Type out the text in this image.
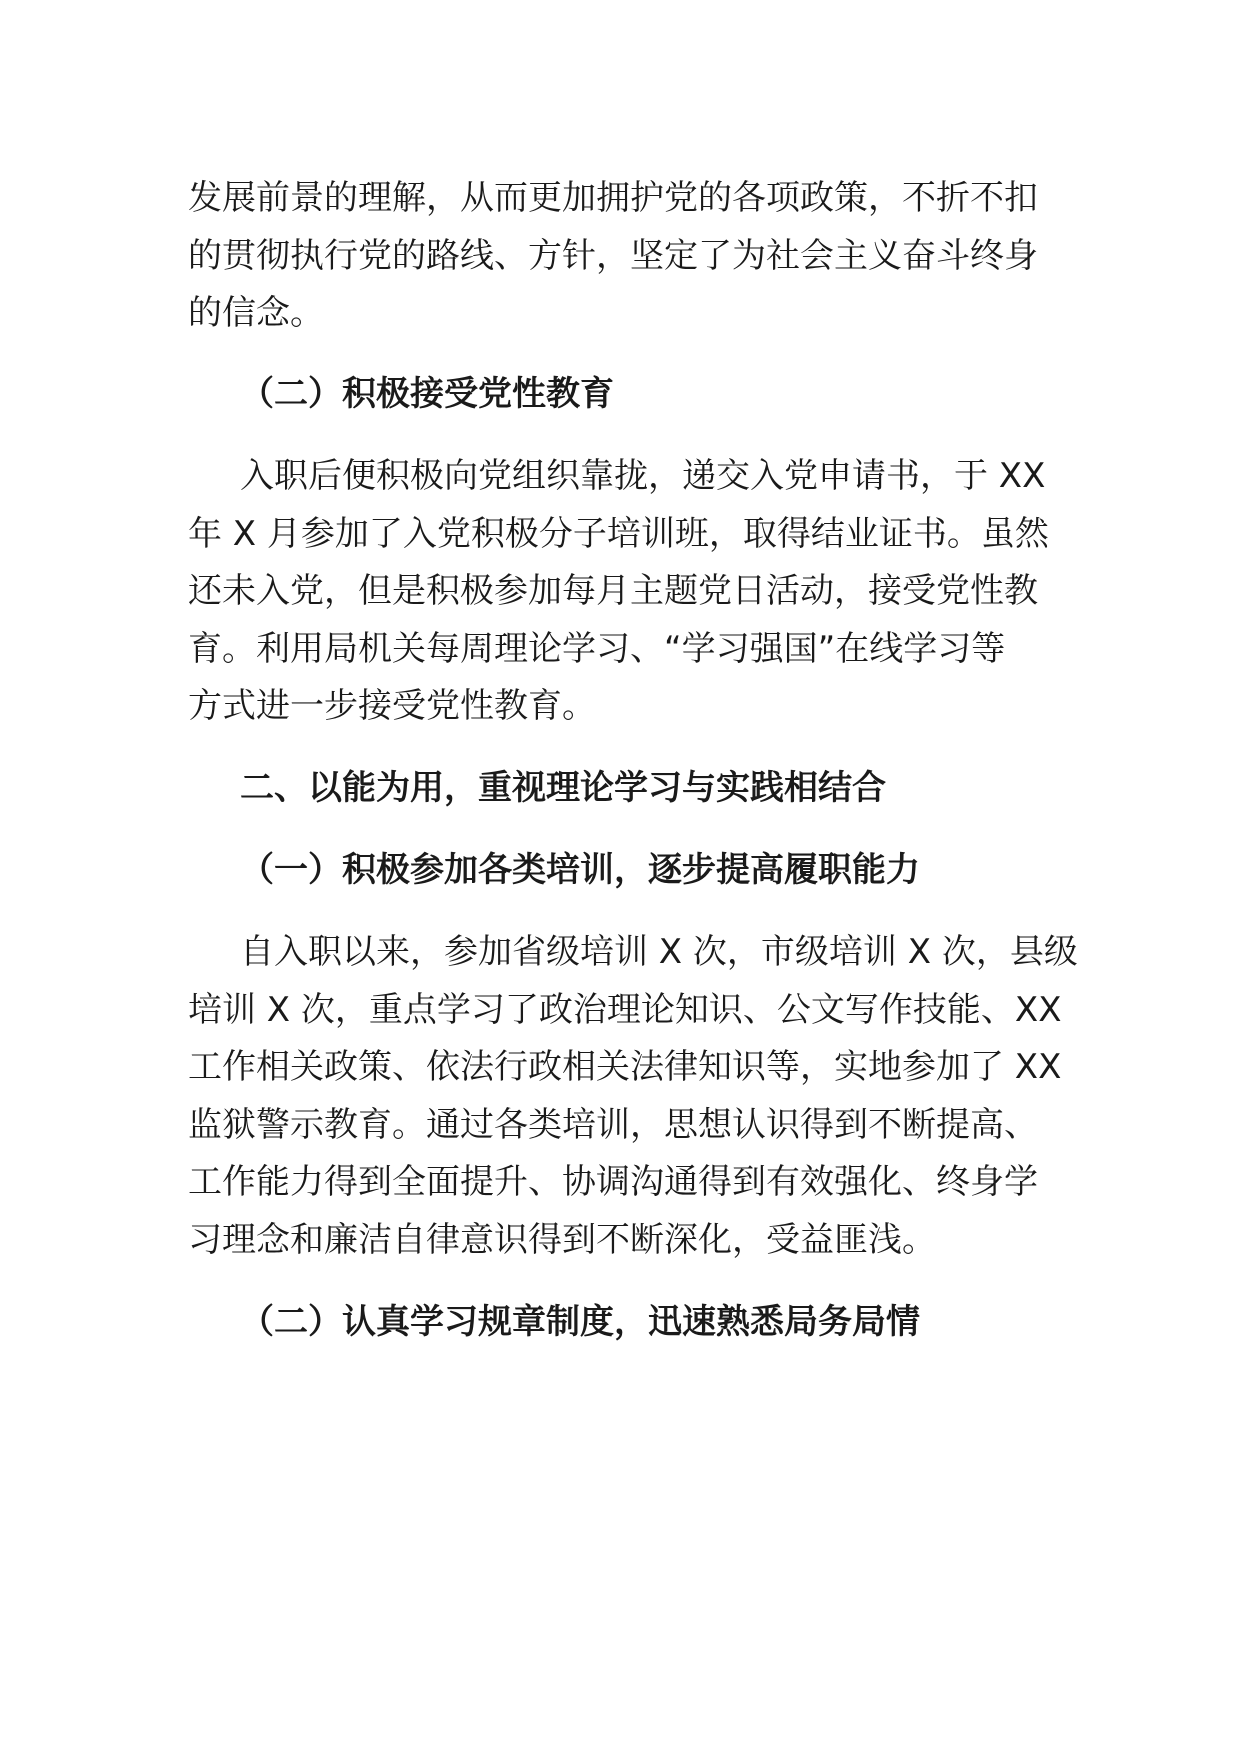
发展前景的理解，从而更加拥护党的各项政策，不折不扣
的贯彻执行党的路线、方针，坚定了为社会主义奋斗终身
的信念。
（二）积极接受党性教育
入职后便积极向党组织靠拢，递交入党申请书，于 XX
年 X 月参加了入党积极分子培训班，取得结业证书。虽然
还未入党，但是积极参加每月主题党日活动，接受党性教
育。利用局机关每周理论学习、“学习强国”在线学习等
方式进一步接受党性教育。
二、以能为用，重视理论学习与实践相结合
（一）积极参加各类培训，逐步提高履职能力
自入职以来，参加省级培训 X 次，市级培训 X 次，县级
培训 X 次，重点学习了政治理论知识、公文写作技能、XX
工作相关政策、依法行政相关法律知识等，实地参加了 XX
监狱警示教育。通过各类培训，思想认识得到不断提高、
工作能力得到全面提升、协调沟通得到有效强化、终身学
习理念和廉洁自律意识得到不断深化，受益匪浅。
（二）认真学习规章制度，迅速熟悉局务局情
